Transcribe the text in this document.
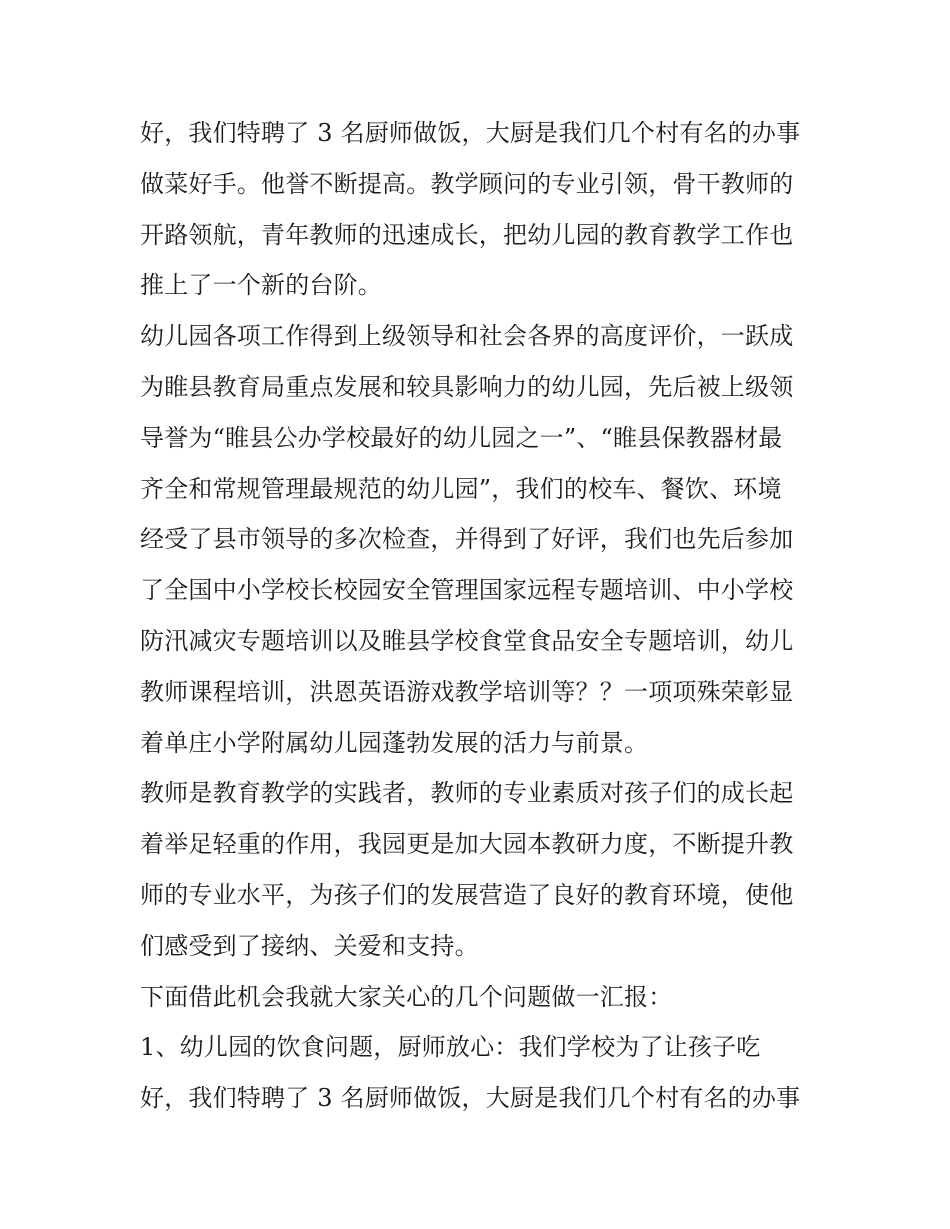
好，我们特聘了 3 名厨师做饭，大厨是我们几个村有名的办事
做菜好手。他誉不断提高。教学顾问的专业引领，骨干教师的
开路领航，青年教师的迅速成长，把幼儿园的教育教学工作也
推上了一个新的台阶。
幼儿园各项工作得到上级领导和社会各界的高度评价，一跃成
为睢县教育局重点发展和较具影响力的幼儿园，先后被上级领
导誉为“睢县公办学校最好的幼儿园之一”、“睢县保教器材最
齐全和常规管理最规范的幼儿园”，我们的校车、餐饮、环境
经受了县市领导的多次检查，并得到了好评，我们也先后参加
了全国中小学校长校园安全管理国家远程专题培训、中小学校
防汛减灾专题培训以及睢县学校食堂食品安全专题培训，幼儿
教师课程培训，洪恩英语游戏教学培训等？？一项项殊荣彰显
着单庄小学附属幼儿园蓬勃发展的活力与前景。
教师是教育教学的实践者，教师的专业素质对孩子们的成长起
着举足轻重的作用，我园更是加大园本教研力度，不断提升教
师的专业水平，为孩子们的发展营造了良好的教育环境，使他
们感受到了接纳、关爱和支持。
下面借此机会我就大家关心的几个问题做一汇报：
1、幼儿园的饮食问题，厨师放心：我们学校为了让孩子吃
好，我们特聘了 3 名厨师做饭，大厨是我们几个村有名的办事
